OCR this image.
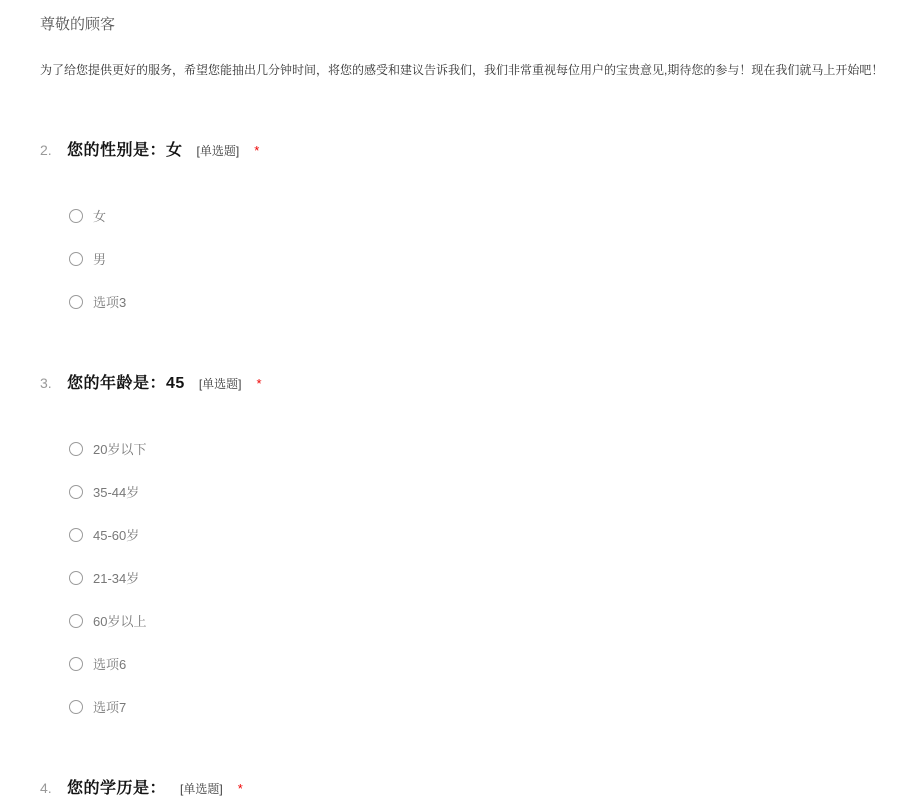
尊敬的顾客
为了给您提供更好的服务，希望您能抽出几分钟时间，将您的感受和建议告诉我们，我们非常重视每位用户的宝贵意见,期待您的参与！现在我们就马上开始吧！
2. 您的性别是：女 [单选题] *
女
男
选项3
3. 您的年龄是：45 [单选题] *
20岁以下
35-44岁
45-60岁
21-34岁
60岁以上
选项6
选项7
4. 您的学历是： [单选题] *
